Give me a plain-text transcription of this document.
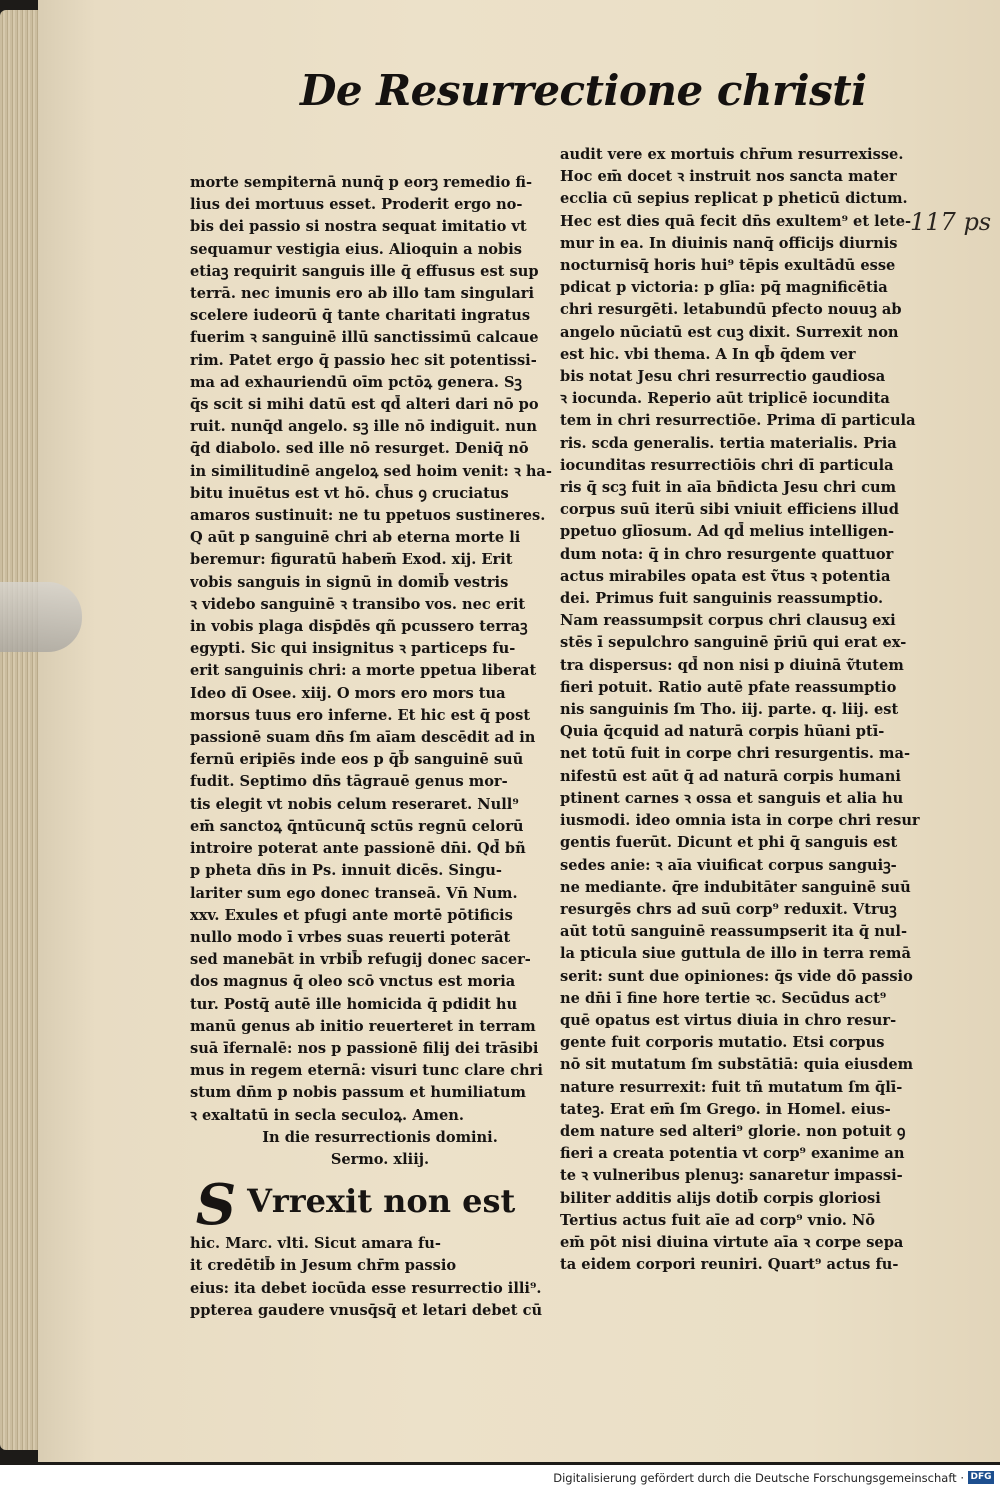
De Resurrectione christi
117 ps
morte sempiternā nunq̄ p eorꝫ remedio fi-
lius dei mortuus esset. Proderit ergo no-
bis dei passio si nostra sequat imitatio vt
sequamur vestigia eius. Alioquin a nobis
etiaꝫ requirit sanguis ille q̄ effusus est sup
terrā. nec imunis ero ab illo tam singulari
scelere iudeorū q̄ tante charitati ingratus
fuerim ꝛ sanguinē illū sanctissimū calcaue
rim. Patet ergo q̄ passio hec sit potentissi-
ma ad exhauriendū oīm pctōꝝ genera. Sꝫ
q̄s scit si mihi datū est qd̄ alteri dari nō po
ruit. nunq̄d angelo. sꝫ ille nō indiguit. nun
q̄d diabolo. sed ille nō resurget. Deniq̄ nō
in similitudinē angeloꝝ sed hoim venit: ꝛ ha-
bitu inuētus est vt hō. ch̄us ꝯ cruciatus
amaros sustinuit: ne tu ppetuos sustineres.
Q aūt p sanguinē chri ab eterna morte li
beremur: figuratū habem̄ Exod. xij. Erit
vobis sanguis in signū in domib̄ vestris
ꝛ videbo sanguinē ꝛ transibo vos. nec erit
in vobis plaga disp̄dēs qñ pcussero terraꝫ
egypti. Sic qui insignitus ꝛ particeps fu-
erit sanguinis chri: a morte ppetua liberat
Ideo dī Osee. xiij. O mors ero mors tua
morsus tuus ero inferne. Et hic est q̄ post
passionē suam dn̄s ſm aīam descēdit ad in
fernū eripiēs inde eos p q̄b̄ sanguinē suū
fudit. Septimo dn̄s tāgrauē genus mor-
tis elegit vt nobis celum reseraret. Null⁹
em̄ sanctoꝝ q̄ntūcunq̄ sctūs regnū celorū
introire poterat ante passionē dn̄i. Qd̄ bñ
p pheta dn̄s in Ps. innuit dicēs. Singu-
lariter sum ego donec transeā. Vn̄ Num.
xxv. Exules et pfugi ante mortē pōtificis
nullo modo ī vrbes suas reuerti poterāt
sed manebāt in vrbib̄ refugij donec sacer-
dos magnus q̄ oleo scō vnctus est moria
tur. Postq̄ autē ille homicida q̄ pdidit hu
manū genus ab initio reuerteret in terram
suā īfernalē: nos p passionē filij dei trāsibi
mus in regem eternā: visuri tunc clare chri
stum dn̄m p nobis passum et humiliatum
ꝛ exaltatū in secla seculoꝝ. Amen.
In die resurrectionis domini.
Sermo. xliij.
S Vrrexit non est
hic. Marc. vlti. Sicut amara fu-
it credētib̄ in Jesum chr̄m passio
eius: ita debet iocūda esse resurrectio illi⁹.
ppterea gaudere vnusq̄sq̄ et letari debet cū
audit vere ex mortuis chr̄um resurrexisse.
Hoc em̄ docet ꝛ instruit nos sancta mater
ecclia cū sepius replicat p pheticū dictum.
Hec est dies quā fecit dn̄s exultem⁹ et lete-
mur in ea. In diuinis nanq̄ officijs diurnis
nocturnisq̄ horis hui⁹ tēpis exultādū esse
pdicat p victoria: p glīa: pq̄ magnificētia
chri resurgēti. letabundū pfecto nouuꝫ ab
angelo nūciatū est cuꝫ dixit. Surrexit non
est hic. vbi thema. A In qb̄ q̄dem ver
bis notat Jesu chri resurrectio gaudiosa
ꝛ iocunda. Reperio aūt triplicē iocundita
tem in chri resurrectiōe. Prima dī particula
ris. scda generalis. tertia materialis. Pria
iocunditas resurrectiōis chri dī particula
ris q̄ scꝫ fuit in aīa bn̄dicta Jesu chri cum
corpus suū iterū sibi vniuit efficiens illud
ppetuo glīosum. Ad qd̄ melius intelligen-
dum nota: q̄ in chro resurgente quattuor
actus mirabiles opata est ṽtus ꝛ potentia
dei. Primus fuit sanguinis reassumptio.
Nam reassumpsit corpus chri clausuꝫ exi
stēs ī sepulchro sanguinē p̄riū qui erat ex-
tra dispersus: qd̄ non nisi p diuinā ṽtutem
fieri potuit. Ratio autē pfate reassumptio
nis sanguinis ſm Tho. iij. parte. q. liij. est
Quia q̄cquid ad naturā corpis hūani ptī-
net totū fuit in corpe chri resurgentis. ma-
nifestū est aūt q̄ ad naturā corpis humani
ptinent carnes ꝛ ossa et sanguis et alia hu
iusmodi. ideo omnia ista in corpe chri resur
gentis fuerūt. Dicunt et phi q̄ sanguis est
sedes anie: ꝛ aīa viuificat corpus sanguiꝫ-
ne mediante. q̄re indubitāter sanguinē suū
resurgēs chrs ad suū corp⁹ reduxit. Vtruꝫ
aūt totū sanguinē reassumpserit ita q̄ nul-
la pticula siue guttula de illo in terra remā
serit: sunt due opiniones: q̄s vide dō passio
ne dn̄i ī fine hore tertie ꝛc. Secūdus act⁹
quē opatus est virtus diuia in chro resur-
gente fuit corporis mutatio. Etsi corpus
nō sit mutatum ſm substātiā: quia eiusdem
nature resurrexit: fuit tñ mutatum ſm q̄lī-
tateꝫ. Erat em̄ ſm Grego. in Homel. eius-
dem nature sed alteri⁹ glorie. non potuit ꝯ
fieri a creata potentia vt corp⁹ exanime an
te ꝛ vulneribus plenuꝫ: sanaretur impassi-
biliter additis alijs dotib̄ corpis gloriosi
Tertius actus fuit aīe ad corp⁹ vnio. Nō
em̄ pōt nisi diuina virtute aīa ꝛ corpe sepa
ta eidem corpori reuniri. Quart⁹ actus fu-
Digitalisierung gefördert durch die Deutsche Forschungsgemeinschaft · DFG
